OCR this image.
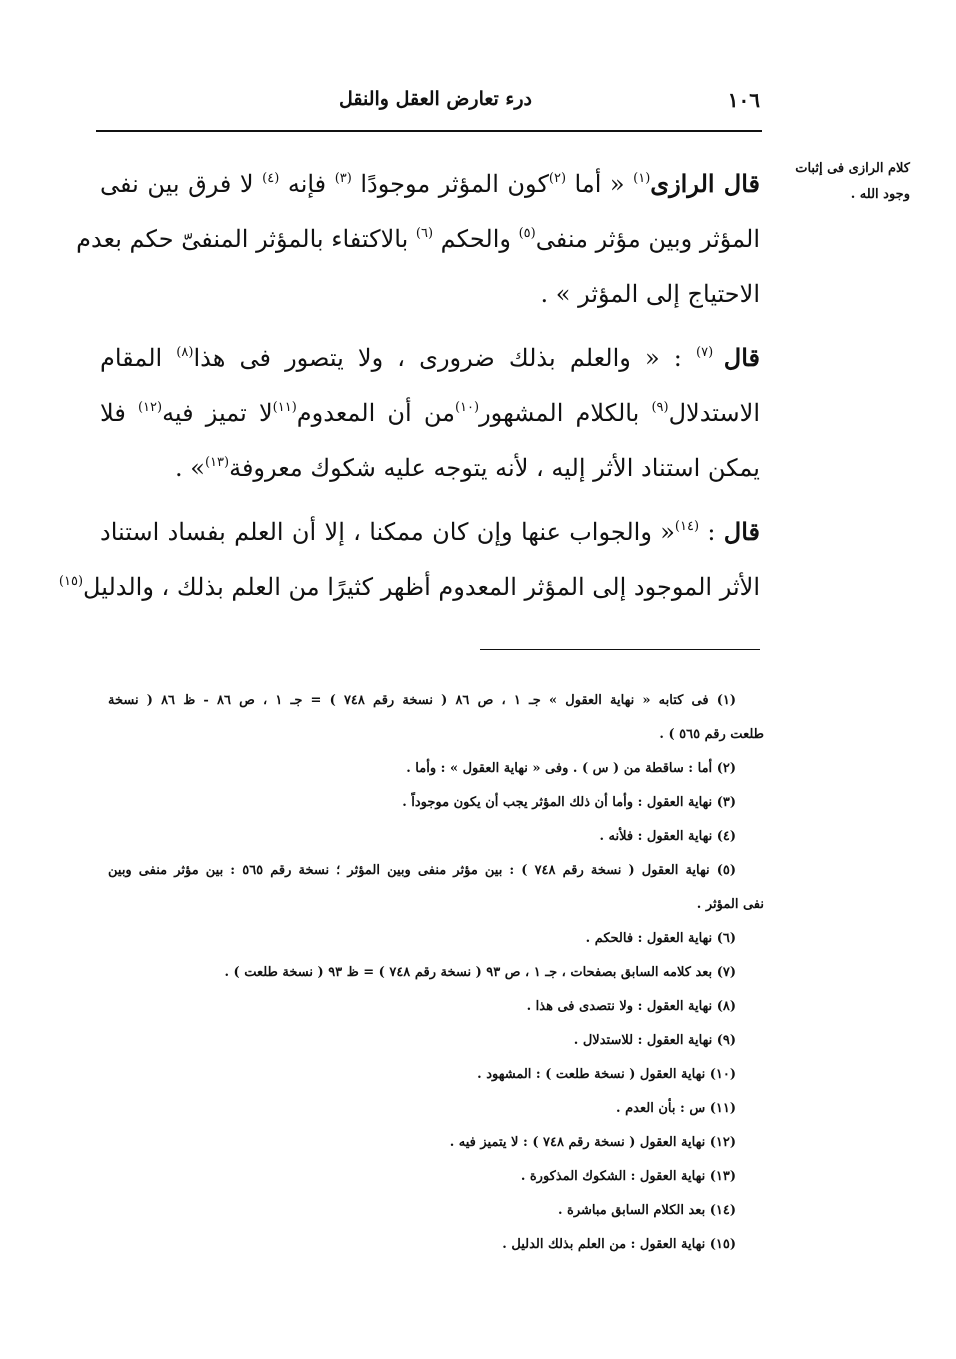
١٠٦
درء تعارض العقل والنقل
كلام الرازى فى إثبات
وجود الله .
قال الرازى$^{(١)}$ « أما $^{(٢)}$كون المؤثر موجودًا $^{(٣)}$ فإنه $^{(٤)}$ لا فرق بين نفى
المؤثر وبين مؤثر منفى$^{(٥)}$ والحكم $^{(٦)}$ بالاكتفاء بالمؤثر المنفىّ حكم بعدم
الاحتياج إلى المؤثر » .
قال $^{(٧)}$ : « والعلم بذلك ضرورى ، ولا يتصور فى هذا$^{(٨)}$ المقام
الاستدلال$^{(٩)}$ بالكلام المشهور$^{(١٠)}$من أن المعدوم$^{(١١)}$لا تميز فيه$^{(١٢)}$ فلا
يمكن استناد الأثر إليه ، لأنه يتوجه عليه شكوك معروفة$^{(١٣)}$» .
قال : $^{(١٤)}$« والجواب عنها وإن كان ممكنا ، إلا أن العلم بفساد استناد
الأثر الموجود إلى المؤثر المعدوم أظهر كثيرًا من العلم بذلك ، والدليل$^{(١٥)}$
(١) فى كتابه « نهاية العقول » جـ ١ ، ص ٨٦ ( نسخة رقم ٧٤٨ ) = جـ ١ ، ص ٨٦ - ظ ٨٦ ( نسخة
طلعت رقم ٥٦٥ ) .
(٢) أما : ساقطة من ( س ) . وفى « نهاية العقول » : وأما .
(٣) نهاية العقول : وأما أن ذلك المؤثر يجب أن يكون موجوداً .
(٤) نهاية العقول : فلأنه .
(٥) نهاية العقول ( نسخة رقم ٧٤٨ ) : بين مؤثر منفى وبين المؤثر ؛ نسخة رقم ٥٦٥ : بين مؤثر منفى وبين
نفى المؤثر .
(٦) نهاية العقول : فالحكم .
(٧) بعد كلامه السابق بصفحات ، جـ ١ ، ص ٩٣ ( نسخة رقم ٧٤٨ ) = ظ ٩٣ ( نسخة طلعت ) .
(٨) نهاية العقول : ولا نتصدى فى هذا .
(٩) نهاية العقول : للاستدلال .
(١٠) نهاية العقول ( نسخة طلعت ) : المشهود .
(١١) س : بأن العدم .
(١٢) نهاية العقول ( نسخة رقم ٧٤٨ ) : لا يتميز فيه .
(١٣) نهاية العقول : الشكوك المذكورة .
(١٤) بعد الكلام السابق مباشرة .
(١٥) نهاية العقول : من العلم بذلك الدليل .
